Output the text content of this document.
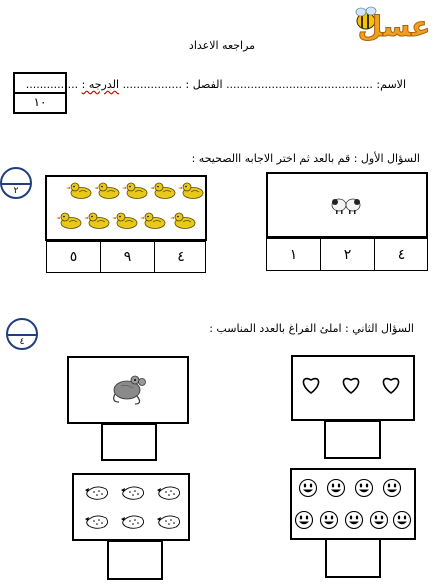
عسل
مراجعه الاعداد
١٠
الاسم: .......................................... الفصل : ................. الدرجه : ...............
السؤال الأول : قم بالعد ثم اختر الاجابه االصحيحه :
٢
٥	٩	٤	١	٢	٤
السؤال الثاني : املئ الفراغ بالعدد المناسب :
٤
